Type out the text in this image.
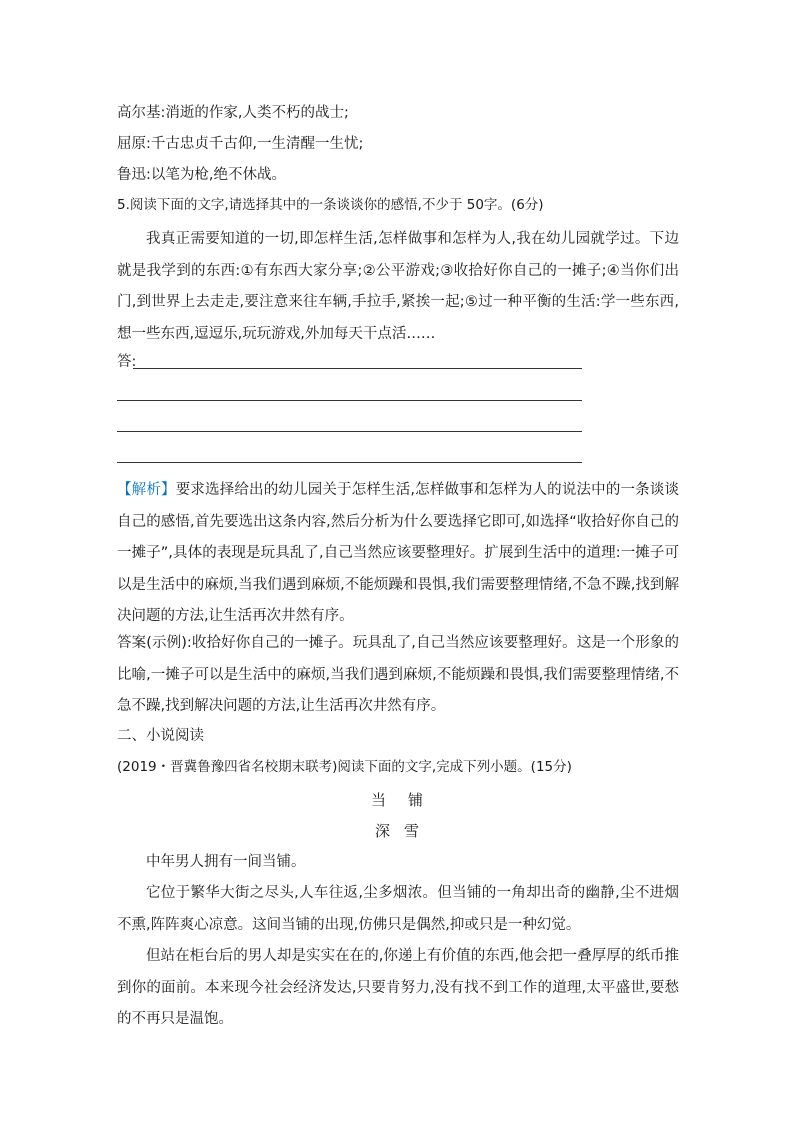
高尔基:消逝的作家,人类不朽的战士;
屈原:千古忠贞千古仰,一生清醒一生忧;
鲁迅:以笔为枪,绝不休战。
5.阅读下面的文字,请选择其中的一条谈谈你的感悟,不少于 50字。(6分)
我真正需要知道的一切,即怎样生活,怎样做事和怎样为人,我在幼儿园就学过。下边就是我学到的东西:①有东西大家分享;②公平游戏;③收拾好你自己的一摊子;④当你们出门,到世界上去走走,要注意来往车辆,手拉手,紧挨一起;⑤过一种平衡的生活:学一些东西,想一些东西,逗逗乐,玩玩游戏,外加每天干点活……
答:
【解析】要求选择给出的幼儿园关于怎样生活,怎样做事和怎样为人的说法中的一条谈谈自己的感悟,首先要选出这条内容,然后分析为什么要选择它即可,如选择“收拾好你自己的一摊子”,具体的表现是玩具乱了,自己当然应该要整理好。扩展到生活中的道理:一摊子可以是生活中的麻烦,当我们遇到麻烦,不能烦躁和畏惧,我们需要整理情绪,不急不躁,找到解决问题的方法,让生活再次井然有序。
答案(示例):收拾好你自己的一摊子。玩具乱了,自己当然应该要整理好。这是一个形象的比喻,一摊子可以是生活中的麻烦,当我们遇到麻烦,不能烦躁和畏惧,我们需要整理情绪,不急不躁,找到解决问题的方法,让生活再次井然有序。
二、小说阅读
(2019・晋冀鲁豫四省名校期末联考)阅读下面的文字,完成下列小题。(15分)
当铺
深雪
中年男人拥有一间当铺。
它位于繁华大街之尽头,人车往返,尘多烟浓。但当铺的一角却出奇的幽静,尘不进烟不熏,阵阵爽心凉意。这间当铺的出现,仿佛只是偶然,抑或只是一种幻觉。
但站在柜台后的男人却是实实在在的,你递上有价值的东西,他会把一叠厚厚的纸币推到你的面前。本来现今社会经济发达,只要肯努力,没有找不到工作的道理,太平盛世,要愁的不再只是温饱。
